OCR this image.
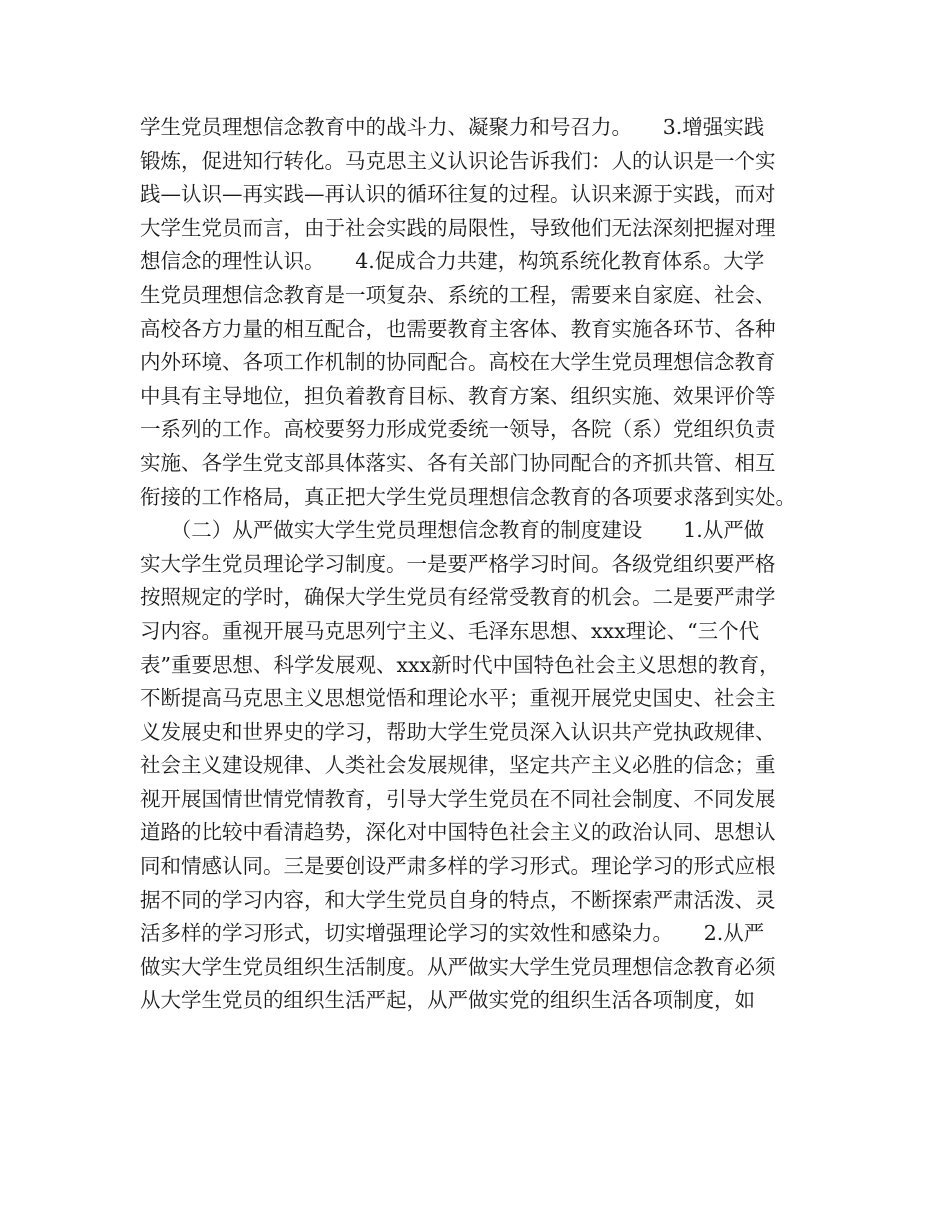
学生党员理想信念教育中的战斗力、凝聚力和号召力。　　3.增强实践
锻炼，促进知行转化。马克思主义认识论告诉我们：人的认识是一个实
践—认识—再实践—再认识的循环往复的过程。认识来源于实践，而对
大学生党员而言，由于社会实践的局限性，导致他们无法深刻把握对理
想信念的理性认识。　　4.促成合力共建，构筑系统化教育体系。大学
生党员理想信念教育是一项复杂、系统的工程，需要来自家庭、社会、
高校各方力量的相互配合，也需要教育主客体、教育实施各环节、各种
内外环境、各项工作机制的协同配合。高校在大学生党员理想信念教育
中具有主导地位，担负着教育目标、教育方案、组织实施、效果评价等
一系列的工作。高校要努力形成党委统一领导，各院（系）党组织负责
实施、各学生党支部具体落实、各有关部门协同配合的齐抓共管、相互
衔接的工作格局，真正把大学生党员理想信念教育的各项要求落到实处。
　　（二）从严做实大学生党员理想信念教育的制度建设　　1.从严做
实大学生党员理论学习制度。一是要严格学习时间。各级党组织要严格
按照规定的学时，确保大学生党员有经常受教育的机会。二是要严肃学
习内容。重视开展马克思列宁主义、毛泽东思想、xxx理论、“三个代
表”重要思想、科学发展观、xxx新时代中国特色社会主义思想的教育，
不断提高马克思主义思想觉悟和理论水平；重视开展党史国史、社会主
义发展史和世界史的学习，帮助大学生党员深入认识共产党执政规律、
社会主义建设规律、人类社会发展规律，坚定共产主义必胜的信念；重
视开展国情世情党情教育，引导大学生党员在不同社会制度、不同发展
道路的比较中看清趋势，深化对中国特色社会主义的政治认同、思想认
同和情感认同。三是要创设严肃多样的学习形式。理论学习的形式应根
据不同的学习内容，和大学生党员自身的特点，不断探索严肃活泼、灵
活多样的学习形式，切实增强理论学习的实效性和感染力。　　2.从严
做实大学生党员组织生活制度。从严做实大学生党员理想信念教育必须
从大学生党员的组织生活严起，从严做实党的组织生活各项制度，如
